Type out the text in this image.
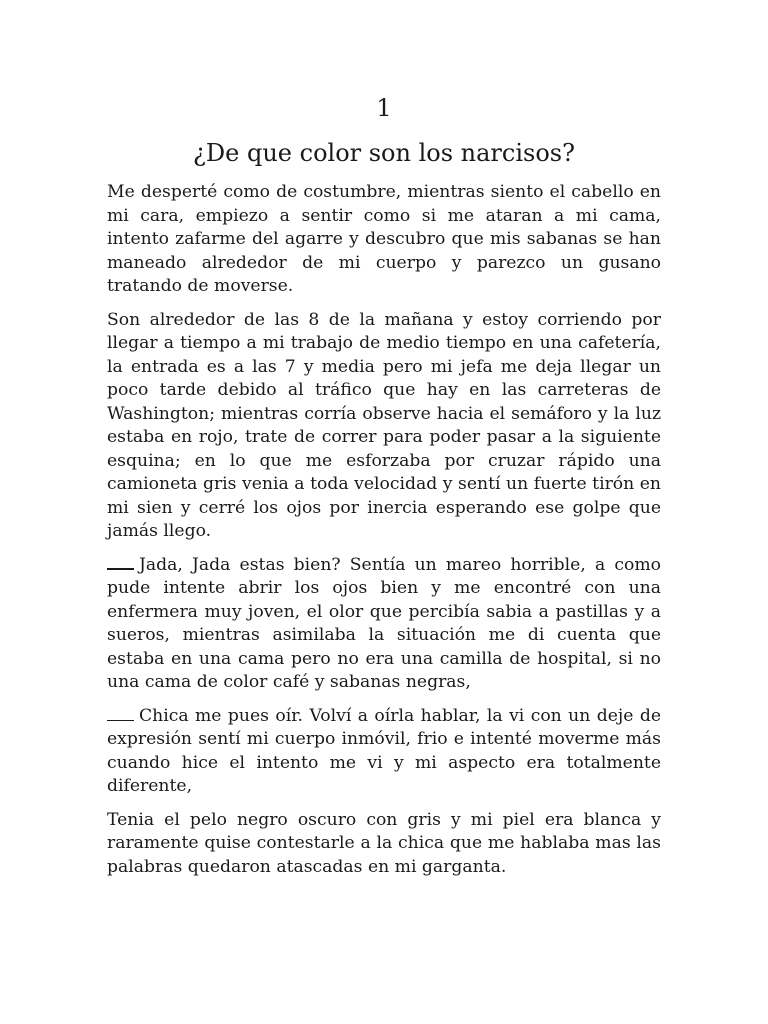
1
¿De que color son los narcisos?

Me desperté como de costumbre, mientras siento el cabello en mi cara, empiezo a sentir como si me ataran a mi cama, intento zafarme del agarre y descubro que mis sabanas se han maneado alrededor de mi cuerpo y parezco un gusano tratando de moverse.

Son alrededor de las 8 de la mañana y estoy corriendo por llegar a tiempo a mi trabajo de medio tiempo en una cafetería, la entrada es a las 7 y media pero mi jefa me deja llegar un poco tarde debido al tráfico que hay en las carreteras de Washington; mientras corría observe hacia el semáforo y la luz estaba en rojo, trate de correr para poder pasar a la siguiente esquina; en lo que me esforzaba por cruzar rápido una camioneta gris venia a toda velocidad y sentí un fuerte tirón en mi sien y cerré los ojos por inercia esperando ese golpe que jamás llego.

Jada, Jada estas bien? Sentía un mareo horrible, a como pude intente abrir los ojos bien y me encontré con una enfermera muy joven, el olor que percibía sabia a pastillas y a sueros, mientras asimilaba la situación me di cuenta que estaba en una cama pero no era una camilla de hospital, si no una cama de color café y sabanas negras,

Chica me pues oír. Volví a oírla hablar, la vi con un deje de expresión sentí mi cuerpo inmóvil, frio e intenté moverme más cuando hice el intento me vi y mi aspecto era totalmente diferente,

Tenia el pelo negro oscuro con gris y mi piel era blanca y raramente quise contestarle a la chica que me hablaba mas las palabras quedaron atascadas en mi garganta.
